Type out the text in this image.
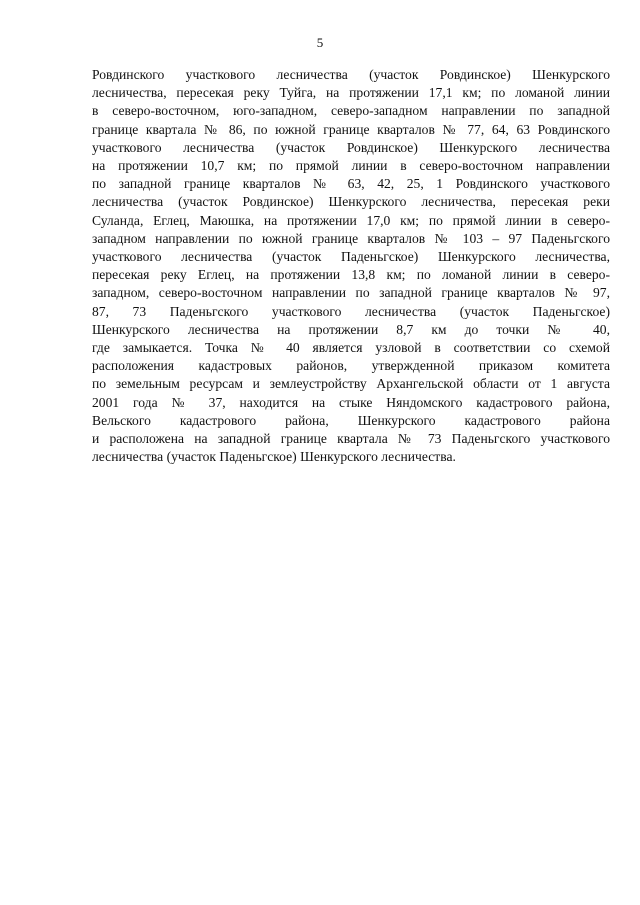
5
Ровдинского участкового лесничества (участок Ровдинское) Шенкурского
лесничества, пересекая реку Туйга, на протяжении 17,1 км; по ломаной линии
в северо-восточном, юго-западном, северо-западном направлении по западной
границе квартала № 86, по южной границе кварталов № 77, 64, 63 Ровдинского
участкового лесничества (участок Ровдинское) Шенкурского лесничества
на протяжении 10,7 км; по прямой линии в северо-восточном направлении
по западной границе кварталов № 63, 42, 25, 1 Ровдинского участкового
лесничества (участок Ровдинское) Шенкурского лесничества, пересекая реки
Суланда, Еглец, Маюшка, на протяжении 17,0 км; по прямой линии в северо-
западном направлении по южной границе кварталов № 103 – 97 Паденьгского
участкового лесничества (участок Паденьгское) Шенкурского лесничества,
пересекая реку Еглец, на протяжении 13,8 км; по ломаной линии в северо-
западном, северо-восточном направлении по западной границе кварталов № 97,
87, 73 Паденьгского участкового лесничества (участок Паденьгское)
Шенкурского лесничества на протяжении 8,7 км до точки № 40,
где замыкается. Точка № 40 является узловой в соответствии со схемой
расположения кадастровых районов, утвержденной приказом комитета
по земельным ресурсам и землеустройству Архангельской области от 1 августа
2001 года № 37, находится на стыке Няндомского кадастрового района,
Вельского кадастрового района, Шенкурского кадастрового района
и расположена на западной границе квартала № 73 Паденьгского участкового
лесничества (участок Паденьгское) Шенкурского лесничества.
